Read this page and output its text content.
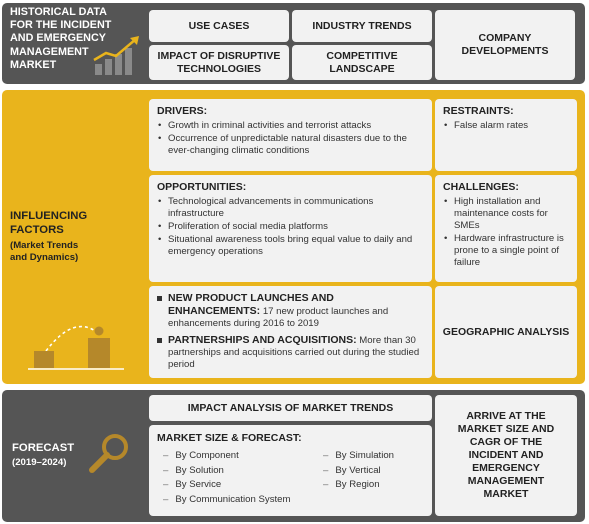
HISTORICAL DATA
FOR THE INCIDENT
AND EMERGENCY
MANAGEMENT
MARKET
USE CASES	INDUSTRY TRENDS
COMPANY DEVELOPMENTS
IMPACT OF DISRUPTIVE TECHNOLOGIES
COMPETITIVE LANDSCAPE
INFLUENCING
FACTORS
(Market Trends
and Dynamics)
DRIVERS:
• Growth in criminal activities and terrorist attacks
• Occurrence of unpredictable natural disasters due to the ever-changing climatic conditions
RESTRAINTS:
• False alarm rates
OPPORTUNITIES:
• Technological advancements in communications infrastructure
• Proliferation of social media platforms
• Situational awareness tools bring equal value to daily and emergency operations
CHALLENGES:
• High installation and maintenance costs for SMEs
• Hardware infrastructure is prone to a single point of failure
NEW PRODUCT LAUNCHES AND ENHANCEMENTS: 17 new product launches and enhancements during 2016 to 2019
PARTNERSHIPS AND ACQUISITIONS: More than 30 partnerships and acquisitions carried out during the studied period
GEOGRAPHIC ANALYSIS
FORECAST
(2019–2024)
IMPACT ANALYSIS OF MARKET TRENDS
MARKET SIZE & FORECAST:
– By Component
– By Solution
– By Service
– By Communication System
– By Simulation
– By Vertical
– By Region
ARRIVE AT THE MARKET SIZE AND CAGR OF THE INCIDENT AND EMERGENCY MANAGEMENT MARKET
